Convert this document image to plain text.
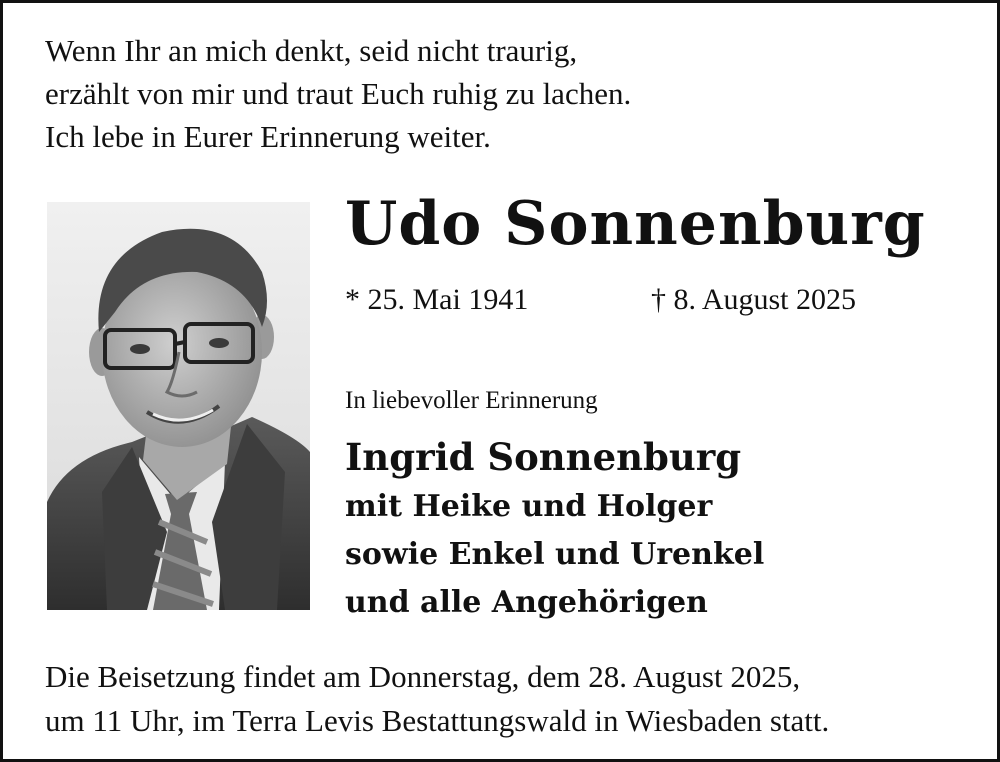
Wenn Ihr an mich denkt, seid nicht traurig,
erzählt von mir und traut Euch ruhig zu lachen.
Ich lebe in Eurer Erinnerung weiter.
Udo Sonnenburg
* 25. Mai 1941	† 8. August 2025
In liebevoller Erinnerung
Ingrid Sonnenburg
mit Heike und Holger
sowie Enkel und Urenkel
und alle Angehörigen
Die Beisetzung findet am Donnerstag, dem 28. August 2025,
um 11 Uhr, im Terra Levis Bestattungswald in Wiesbaden statt.
